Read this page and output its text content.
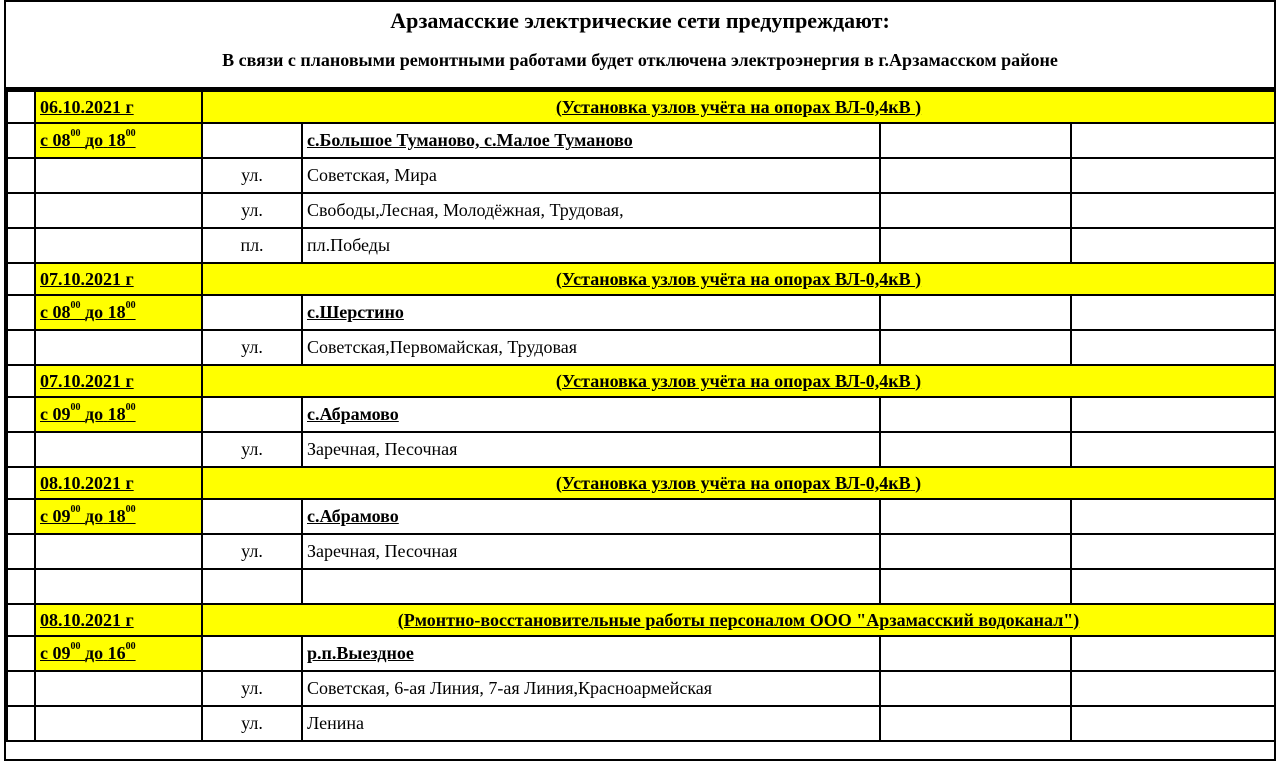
Арзамасские электрические сети предупреждают:
В связи с плановыми ремонтными работами будет отключена электроэнергия в г.Арзамасском районе
	06.10.2021 г	(Установка узлов учёта на опорах ВЛ-0,4кВ )			
	с $08^{00}$ до $18^{00}$		с.Большое Туманово, с.Малое Туманово		
		ул.	Советская, Мира		
		ул.	Свободы,Лесная, Молодёжная, Трудовая,		
		пл.	пл.Победы		
	07.10.2021 г	(Установка узлов учёта на опорах ВЛ-0,4кВ )			
	с $08^{00}$ до $18^{00}$		с.Шерстино		
		ул.	Советская,Первомайская, Трудовая		
	07.10.2021 г	(Установка узлов учёта на опорах ВЛ-0,4кВ )			
	с $09^{00}$ до $18^{00}$		с.Абрамово		
		ул.	Заречная, Песочная		
	08.10.2021 г	(Установка узлов учёта на опорах ВЛ-0,4кВ )			
	с $09^{00}$ до $18^{00}$		с.Абрамово		
		ул.	Заречная, Песочная		

	08.10.2021 г	(Рмонтно-восстановительные работы персоналом ООО "Арзамасский водоканал")			
	с $09^{00}$ до $16^{00}$		р.п.Выездное		
		ул.	Советская, 6-ая Линия, 7-ая Линия,Красноармейская		
		ул.	Ленина		
